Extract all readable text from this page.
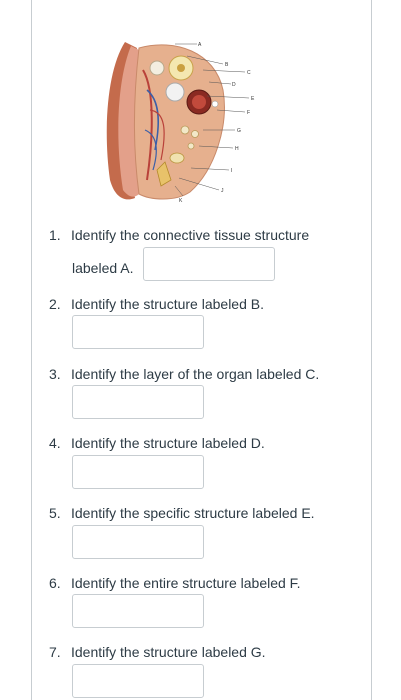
A
B
C
D
E
F
G
H
I
J
K
1. Identify the connective tissue structure
labeled A.
2. Identify the structure labeled B.
3. Identify the layer of the organ labeled C.
4. Identify the structure labeled D.
5. Identify the specific structure labeled E.
6. Identify the entire structure labeled F.
7. Identify the structure labeled G.
